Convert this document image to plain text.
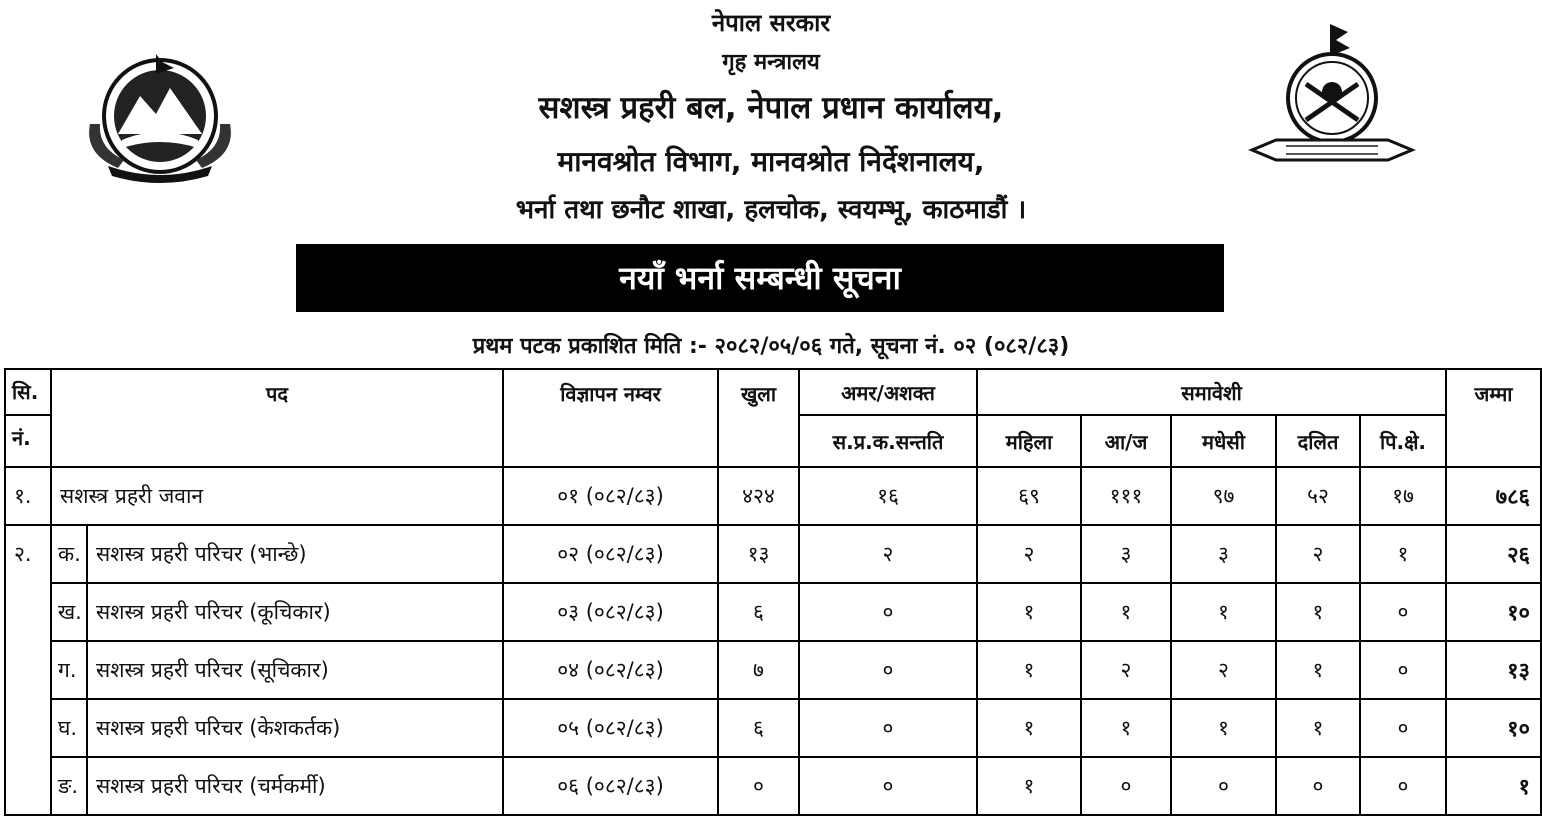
नेपाल सरकार
गृह मन्त्रालय
सशस्त्र प्रहरी बल, नेपाल प्रधान कार्यालय,
मानवश्रोत विभाग, मानवश्रोत निर्देशनालय,
भर्ना तथा छनौट शाखा, हलचोक, स्वयम्भू, काठमाडौं ।
नयाँ भर्ना सम्बन्धी सूचना
प्रथम पटक प्रकाशित मिति :- २०८२/०५/०६ गते, सूचना नं. ०२ (०८२/८३)
सि.	पद		विज्ञापन नम्वर	खुला	अमर/अशक्त	समावेशी					जम्मा
नं.					स.प्र.क.सन्तति	महिला	आ/ज	मधेसी	दलित	पि.क्षे.	
१.	सशस्त्र प्रहरी जवान		०१ (०८२/८३)	४२४	१६	६९	१११	९७	५२	१७	७८६
२.	क.	सशस्त्र प्रहरी परिचर (भान्छे)	०२ (०८२/८३)	१३	२	२	३	३	२	१	२६
	ख.	सशस्त्र प्रहरी परिचर (कूचिकार)	०३ (०८२/८३)	६	०	१	१	१	१	०	१०
	ग.	सशस्त्र प्रहरी परिचर (सूचिकार)	०४ (०८२/८३)	७	०	१	२	२	१	०	१३
	घ.	सशस्त्र प्रहरी परिचर (केशकर्तक)	०५ (०८२/८३)	६	०	१	१	१	१	०	१०
	ङ.	सशस्त्र प्रहरी परिचर (चर्मकर्मी)	०६ (०८२/८३)	०	०	१	०	०	०	०	१
